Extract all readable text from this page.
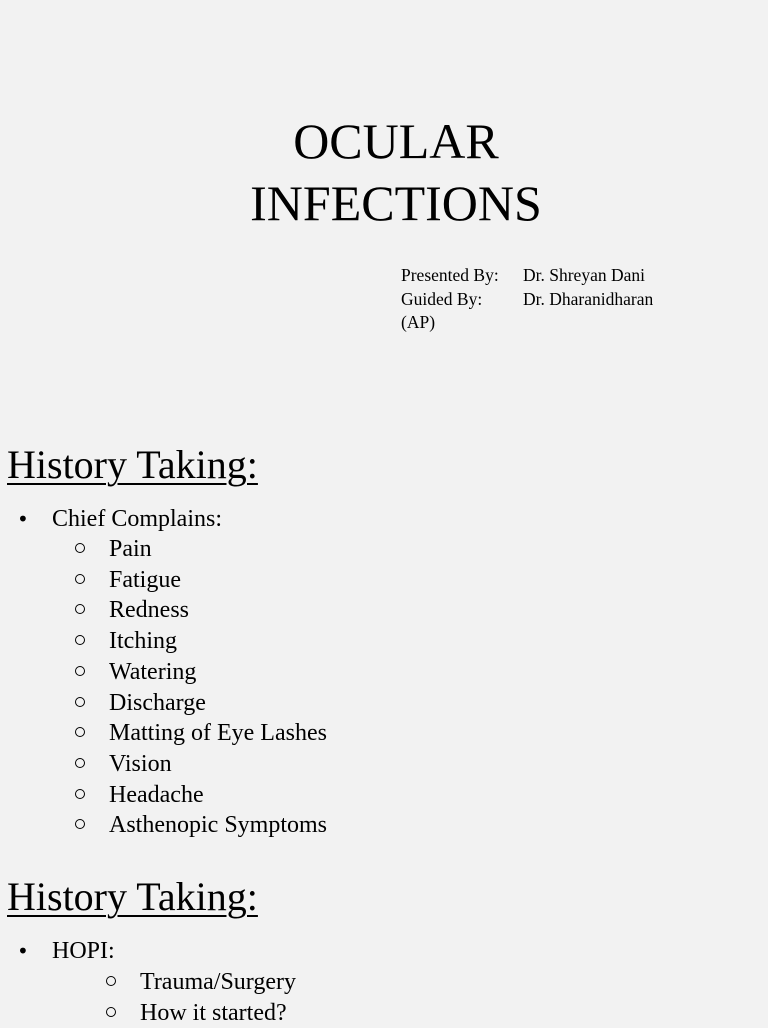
OCULAR
INFECTIONS
Presented By:	Dr. Shreyan Dani
Guided By:	Dr. Dharanidharan
(AP)
History Taking:
• Chief Complains:
Pain
Fatigue
Redness
Itching
Watering
Discharge
Matting of Eye Lashes
Vision
Headache
Asthenopic Symptoms
History Taking:
• HOPI:
Trauma/Surgery
How it started?
